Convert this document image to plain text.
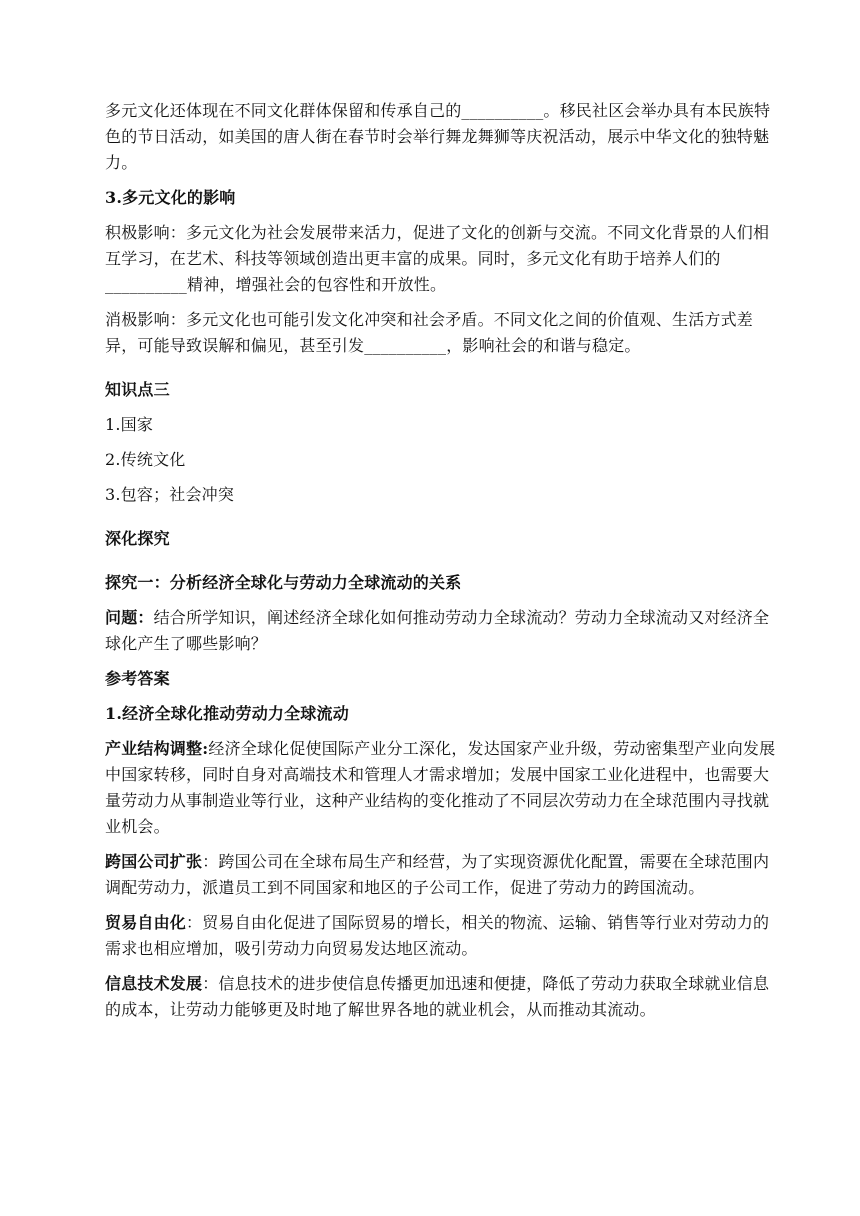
多元文化还体现在不同文化群体保留和传承自己的__________。移民社区会举办具有本民族特色的节日活动，如美国的唐人街在春节时会举行舞龙舞狮等庆祝活动，展示中华文化的独特魅力。

3.多元文化的影响

积极影响：多元文化为社会发展带来活力，促进了文化的创新与交流。不同文化背景的人们相互学习，在艺术、科技等领域创造出更丰富的成果。同时，多元文化有助于培养人们的__________精神，增强社会的包容性和开放性。

消极影响：多元文化也可能引发文化冲突和社会矛盾。不同文化之间的价值观、生活方式差异，可能导致误解和偏见，甚至引发__________，影响社会的和谐与稳定。

知识点三

1.国家

2.传统文化

3.包容；社会冲突

深化探究

探究一：分析经济全球化与劳动力全球流动的关系

问题：结合所学知识，阐述经济全球化如何推动劳动力全球流动？劳动力全球流动又对经济全球化产生了哪些影响？

参考答案

1.经济全球化推动劳动力全球流动

产业结构调整:经济全球化促使国际产业分工深化，发达国家产业升级，劳动密集型产业向发展中国家转移，同时自身对高端技术和管理人才需求增加；发展中国家工业化进程中，也需要大量劳动力从事制造业等行业，这种产业结构的变化推动了不同层次劳动力在全球范围内寻找就业机会。

跨国公司扩张：跨国公司在全球布局生产和经营，为了实现资源优化配置，需要在全球范围内调配劳动力，派遣员工到不同国家和地区的子公司工作，促进了劳动力的跨国流动。

贸易自由化：贸易自由化促进了国际贸易的增长，相关的物流、运输、销售等行业对劳动力的需求也相应增加，吸引劳动力向贸易发达地区流动。

信息技术发展：信息技术的进步使信息传播更加迅速和便捷，降低了劳动力获取全球就业信息的成本，让劳动力能够更及时地了解世界各地的就业机会，从而推动其流动。
